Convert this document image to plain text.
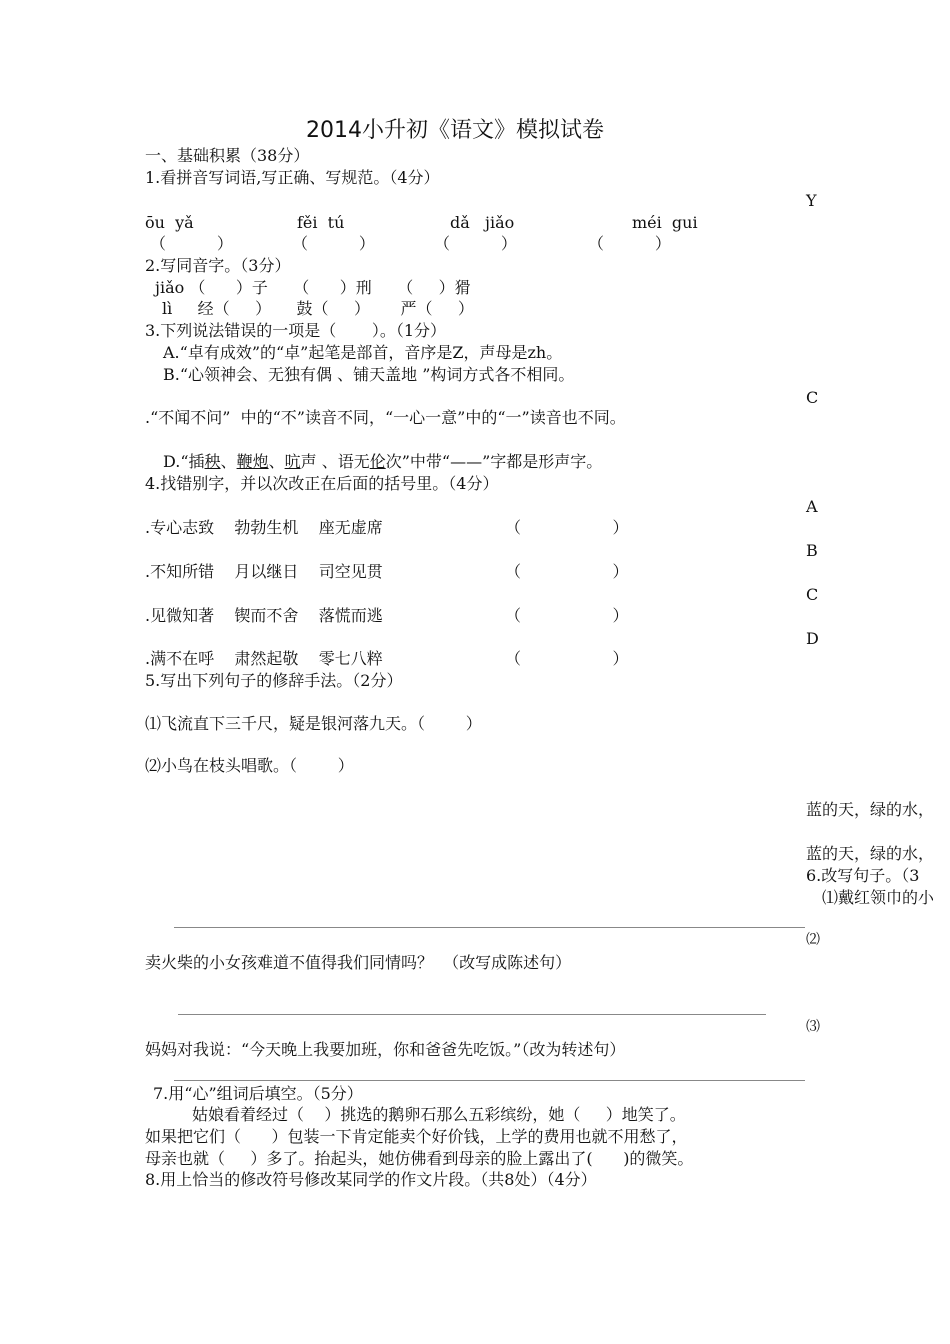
2014小升初《语文》模拟试卷
一、基础积累（38分）
1.看拼音写词语,写正确、写规范。（4分）
ōu  yǎ	fěi  tú	dǎ   jiǎo	méi  gui
（          ）	（          ）	（          ）	（          ）
2.写同音字。（3分）
jiǎo （      ）子     （      ）刑     （     ）猾
lì     经（     ）     鼓（     ）      严（     ）
3.下列说法错误的一项是（       ）。（1分）
A.“卓有成效”的“卓”起笔是部首，音序是Z，声母是zh。
B.“心领神会、无独有偶 、铺天盖地 ”构词方式各不相同。
.“不闻不问”  中的“不”读音不同，“一心一意”中的“一”读音也不同。
D.“插秧、鞭炮、吭声 、语无伦次”中带“——”字都是形声字。
4.找错别字，并以次改正在后面的括号里。（4分）
.专心志致    勃勃生机    座无虚席	（                  ）
.不知所错    月以继日    司空见贯	（                  ）
.见微知著    锲而不舍    落慌而逃	（                  ）
.满不在呼    肃然起敬    零七八粹	（                  ）
5.写出下列句子的修辞手法。（2分）
⑴飞流直下三千尺，疑是银河落九天。（        ）
⑵小鸟在枝头唱歌。（        ）
Y
C
A
B
C
D
蓝的天，绿的水，
蓝的天，绿的水，
6.改写句子。（3
⑴戴红领巾的小
⑵
⑶
卖火柴的小女孩难道不值得我们同情吗？  （改写成陈述句）
妈妈对我说：“今天晚上我要加班，你和爸爸先吃饭。”（改为转述句）
7.用“心”组词后填空。（5分）
姑娘看着经过（    ）挑选的鹅卵石那么五彩缤纷，她（     ）地笑了。
如果把它们（      ）包装一下肯定能卖个好价钱，上学的费用也就不用愁了，
母亲也就（     ）多了。抬起头，她仿佛看到母亲的脸上露出了(      )的微笑。
8.用上恰当的修改符号修改某同学的作文片段。（共8处）（4分）
